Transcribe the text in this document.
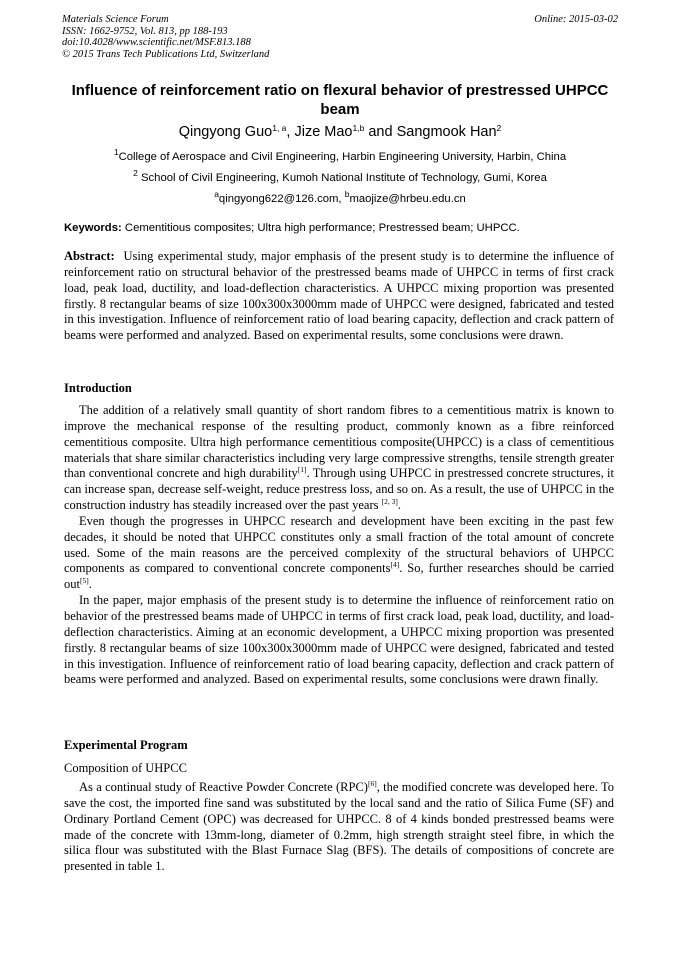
Materials Science Forum
ISSN: 1662-9752, Vol. 813, pp 188-193
doi:10.4028/www.scientific.net/MSF.813.188
© 2015 Trans Tech Publications Ltd, Switzerland
Online: 2015-03-02
Influence of reinforcement ratio on flexural behavior of prestressed UHPCC beam
Qingyong Guo$^{1, a}$, Jize Mao$^{1,b}$ and Sangmook Han$^2$
$^1$College of Aerospace and Civil Engineering, Harbin Engineering University, Harbin, China
$^2$ School of Civil Engineering, Kumoh National Institute of Technology, Gumi, Korea
$^a$qingyong622@126.com, $^b$maojize@hrbeu.edu.cn
Keywords: Cementitious composites; Ultra high performance; Prestressed beam; UHPCC.
Abstract: Using experimental study, major emphasis of the present study is to determine the influence of reinforcement ratio on structural behavior of the prestressed beams made of UHPCC in terms of first crack load, peak load, ductility, and load-deflection characteristics. A UHPCC mixing proportion was presented firstly. 8 rectangular beams of size 100x300x3000mm made of UHPCC were designed, fabricated and tested in this investigation. Influence of reinforcement ratio of load bearing capacity, deflection and crack pattern of beams were performed and analyzed. Based on experimental results, some conclusions were drawn.
Introduction

The addition of a relatively small quantity of short random fibres to a cementitious matrix is known to improve the mechanical response of the resulting product, commonly known as a fibre reinforced cementitious composite. Ultra high performance cementitious composite(UHPCC) is a class of cementitious materials that share similar characteristics including very large compressive strengths, tensile strength greater than conventional concrete and high durability[1]. Through using UHPCC in prestressed concrete structures, it can increase span, decrease self-weight, reduce prestress loss, and so on. As a result, the use of UHPCC in the construction industry has steadily increased over the past years [2, 3].

Even though the progresses in UHPCC research and development have been exciting in the past few decades, it should be noted that UHPCC constitutes only a small fraction of the total amount of concrete used. Some of the main reasons are the perceived complexity of the structural behaviors of UHPCC components as compared to conventional concrete components[4]. So, further researches should be carried out[5].

In the paper, major emphasis of the present study is to determine the influence of reinforcement ratio on behavior of the prestressed beams made of UHPCC in terms of first crack load, peak load, ductility, and load-deflection characteristics. Aiming at an economic development, a UHPCC mixing proportion was presented firstly. 8 rectangular beams of size 100x300x3000mm made of UHPCC were designed, fabricated and tested in this investigation. Influence of reinforcement ratio of load bearing capacity, deflection and crack pattern of beams were performed and analyzed. Based on experimental results, some conclusions were drawn finally.

Experimental Program
Composition of UHPCC

As a continual study of Reactive Powder Concrete (RPC)[6], the modified concrete was developed here. To save the cost, the imported fine sand was substituted by the local sand and the ratio of Silica Fume (SF) and Ordinary Portland Cement (OPC) was decreased for UHPCC. 8 of 4 kinds bonded prestressed beams were made of the concrete with 13mm-long, diameter of 0.2mm, high strength straight steel fibre, in which the silica flour was substituted with the Blast Furnace Slag (BFS). The details of compositions of concrete are presented in table 1.
